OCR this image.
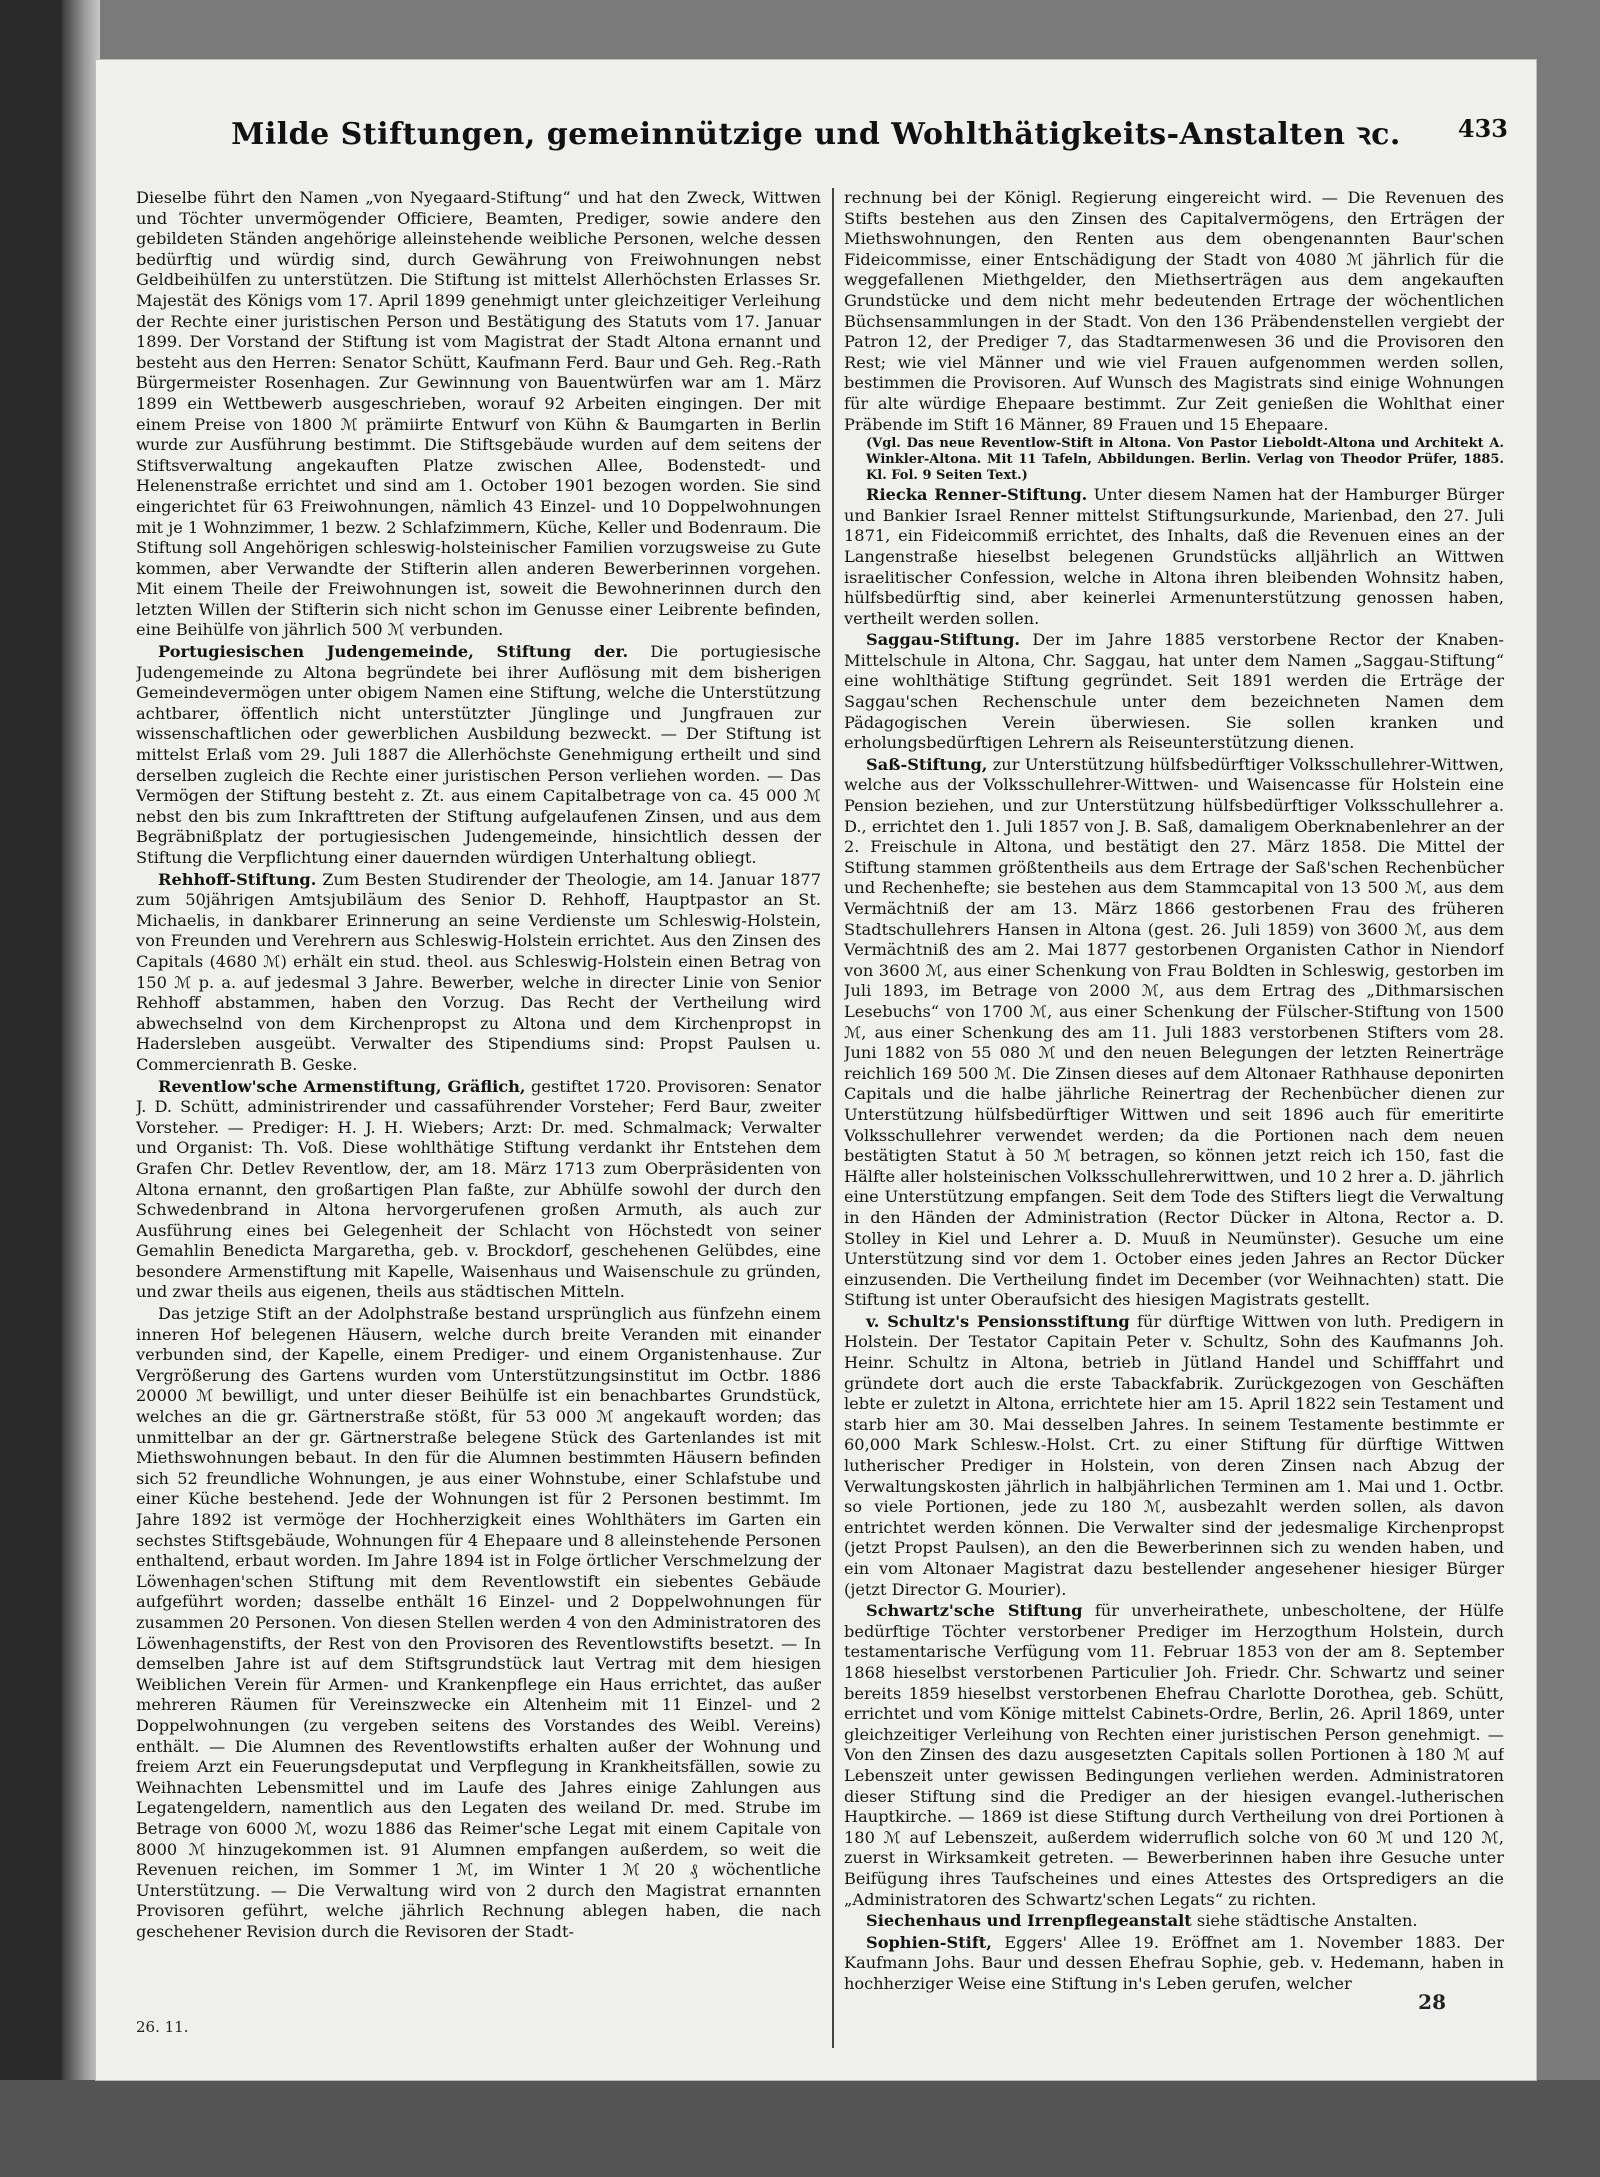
Milde Stiftungen, gemeinnützige und Wohlthätigkeits-Anstalten ꝛc.	433

Dieselbe führt den Namen „von Nyegaard-Stiftung“ und hat den Zweck, Wittwen und Töchter unvermögender Officiere, Beamten, Prediger, sowie andere den gebildeten Ständen angehörige alleinstehende weibliche Personen, welche dessen bedürftig und würdig sind, durch Gewährung von Freiwohnungen nebst Geldbeihülfen zu unterstützen. Die Stiftung ist mittelst Allerhöchsten Erlasses Sr. Majestät des Königs vom 17. April 1899 genehmigt unter gleichzeitiger Verleihung der Rechte einer juristischen Person und Bestätigung des Statuts vom 17. Januar 1899. Der Vorstand der Stiftung ist vom Magistrat der Stadt Altona ernannt und besteht aus den Herren: Senator Schütt, Kaufmann Ferd. Baur und Geh. Reg.-Rath Bürgermeister Rosenhagen. Zur Gewinnung von Bauentwürfen war am 1. März 1899 ein Wettbewerb ausgeschrieben, worauf 92 Arbeiten eingingen. Der mit einem Preise von 1800 ℳ prämiirte Entwurf von Kühn & Baumgarten in Berlin wurde zur Ausführung bestimmt. Die Stiftsgebäude wurden auf dem seitens der Stiftsverwaltung angekauften Platze zwischen Allee, Bodenstedt- und Helenenstraße errichtet und sind am 1. October 1901 bezogen worden. Sie sind eingerichtet für 63 Freiwohnungen, nämlich 43 Einzel- und 10 Doppelwohnungen mit je 1 Wohnzimmer, 1 bezw. 2 Schlafzimmern, Küche, Keller und Bodenraum. Die Stiftung soll Angehörigen schleswig-holsteinischer Familien vorzugsweise zu Gute kommen, aber Verwandte der Stifterin allen anderen Bewerberinnen vorgehen. Mit einem Theile der Freiwohnungen ist, soweit die Bewohnerinnen durch den letzten Willen der Stifterin sich nicht schon im Genusse einer Leibrente befinden, eine Beihülfe von jährlich 500 ℳ verbunden.

Portugiesischen Judengemeinde, Stiftung der. Die portugiesische Judengemeinde zu Altona begründete bei ihrer Auflösung mit dem bisherigen Gemeindevermögen unter obigem Namen eine Stiftung, welche die Unterstützung achtbarer, öffentlich nicht unterstützter Jünglinge und Jungfrauen zur wissenschaftlichen oder gewerblichen Ausbildung bezweckt. — Der Stiftung ist mittelst Erlaß vom 29. Juli 1887 die Allerhöchste Genehmigung ertheilt und sind derselben zugleich die Rechte einer juristischen Person verliehen worden. — Das Vermögen der Stiftung besteht z. Zt. aus einem Capitalbetrage von ca. 45 000 ℳ nebst den bis zum Inkrafttreten der Stiftung aufgelaufenen Zinsen, und aus dem Begräbnißplatz der portugiesischen Judengemeinde, hinsichtlich dessen der Stiftung die Verpflichtung einer dauernden würdigen Unterhaltung obliegt.

Rehhoff-Stiftung. Zum Besten Studirender der Theologie, am 14. Januar 1877 zum 50jährigen Amtsjubiläum des Senior D. Rehhoff, Hauptpastor an St. Michaelis, in dankbarer Erinnerung an seine Verdienste um Schleswig-Holstein, von Freunden und Verehrern aus Schleswig-Holstein errichtet. Aus den Zinsen des Capitals (4680 ℳ) erhält ein stud. theol. aus Schleswig-Holstein einen Betrag von 150 ℳ p. a. auf jedesmal 3 Jahre. Bewerber, welche in directer Linie von Senior Rehhoff abstammen, haben den Vorzug. Das Recht der Vertheilung wird abwechselnd von dem Kirchenpropst zu Altona und dem Kirchenpropst in Hadersleben ausgeübt. Verwalter des Stipendiums sind: Propst Paulsen u. Commercienrath B. Geske.

Reventlow'sche Armenstiftung, Gräflich, gestiftet 1720. Provisoren: Senator J. D. Schütt, administrirender und cassaführender Vorsteher; Ferd Baur, zweiter Vorsteher. — Prediger: H. J. H. Wiebers; Arzt: Dr. med. Schmalmack; Verwalter und Organist: Th. Voß. Diese wohlthätige Stiftung verdankt ihr Entstehen dem Grafen Chr. Detlev Reventlow, der, am 18. März 1713 zum Oberpräsidenten von Altona ernannt, den großartigen Plan faßte, zur Abhülfe sowohl der durch den Schwedenbrand in Altona hervorgerufenen großen Armuth, als auch zur Ausführung eines bei Gelegenheit der Schlacht von Höchstedt von seiner Gemahlin Benedicta Margaretha, geb. v. Brockdorf, geschehenen Gelübdes, eine besondere Armenstiftung mit Kapelle, Waisenhaus und Waisenschule zu gründen, und zwar theils aus eigenen, theils aus städtischen Mitteln.

Das jetzige Stift an der Adolphstraße bestand ursprünglich aus fünfzehn einem inneren Hof belegenen Häusern, welche durch breite Veranden mit einander verbunden sind, der Kapelle, einem Prediger- und einem Organistenhause. Zur Vergrößerung des Gartens wurden vom Unterstützungsinstitut im Octbr. 1886 20000 ℳ bewilligt, und unter dieser Beihülfe ist ein benachbartes Grundstück, welches an die gr. Gärtnerstraße stößt, für 53 000 ℳ angekauft worden; das unmittelbar an der gr. Gärtnerstraße belegene Stück des Gartenlandes ist mit Miethswohnungen bebaut. In den für die Alumnen bestimmten Häusern befinden sich 52 freundliche Wohnungen, je aus einer Wohnstube, einer Schlafstube und einer Küche bestehend. Jede der Wohnungen ist für 2 Personen bestimmt. Im Jahre 1892 ist vermöge der Hochherzigkeit eines Wohlthäters im Garten ein sechstes Stiftsgebäude, Wohnungen für 4 Ehepaare und 8 alleinstehende Personen enthaltend, erbaut worden. Im Jahre 1894 ist in Folge örtlicher Verschmelzung der Löwenhagen'schen Stiftung mit dem Reventlowstift ein siebentes Gebäude aufgeführt worden; dasselbe enthält 16 Einzel- und 2 Doppelwohnungen für zusammen 20 Personen. Von diesen Stellen werden 4 von den Administratoren des Löwenhagenstifts, der Rest von den Provisoren des Reventlowstifts besetzt. — In demselben Jahre ist auf dem Stiftsgrundstück laut Vertrag mit dem hiesigen Weiblichen Verein für Armen- und Krankenpflege ein Haus errichtet, das außer mehreren Räumen für Vereinszwecke ein Altenheim mit 11 Einzel- und 2 Doppelwohnungen (zu vergeben seitens des Vorstandes des Weibl. Vereins) enthält. — Die Alumnen des Reventlowstifts erhalten außer der Wohnung und freiem Arzt ein Feuerungsdeputat und Verpflegung in Krankheitsfällen, sowie zu Weihnachten Lebensmittel und im Laufe des Jahres einige Zahlungen aus Legatengeldern, namentlich aus den Legaten des weiland Dr. med. Strube im Betrage von 6000 ℳ, wozu 1886 das Reimer'sche Legat mit einem Capitale von 8000 ℳ hinzugekommen ist. 91 Alumnen empfangen außerdem, so weit die Revenuen reichen, im Sommer 1 ℳ, im Winter 1 ℳ 20 ₰ wöchentliche Unterstützung. — Die Verwaltung wird von 2 durch den Magistrat ernannten Provisoren geführt, welche jährlich Rechnung ablegen haben, die nach geschehener Revision durch die Revisoren der Stadt-

rechnung bei der Königl. Regierung eingereicht wird. — Die Revenuen des Stifts bestehen aus den Zinsen des Capitalvermögens, den Erträgen der Miethswohnungen, den Renten aus dem obengenannten Baur'schen Fideicommisse, einer Entschädigung der Stadt von 4080 ℳ jährlich für die weggefallenen Miethgelder, den Miethserträgen aus dem angekauften Grundstücke und dem nicht mehr bedeutenden Ertrage der wöchentlichen Büchsensammlungen in der Stadt. Von den 136 Präbendenstellen vergiebt der Patron 12, der Prediger 7, das Stadtarmenwesen 36 und die Provisoren den Rest; wie viel Männer und wie viel Frauen aufgenommen werden sollen, bestimmen die Provisoren. Auf Wunsch des Magistrats sind einige Wohnungen für alte würdige Ehepaare bestimmt. Zur Zeit genießen die Wohlthat einer Präbende im Stift 16 Männer, 89 Frauen und 15 Ehepaare.

(Vgl. Das neue Reventlow-Stift in Altona. Von Pastor Lieboldt-Altona und Architekt A. Winkler-Altona. Mit 11 Tafeln, Abbildungen. Berlin. Verlag von Theodor Prüfer, 1885. Kl. Fol. 9 Seiten Text.)

Riecka Renner-Stiftung. Unter diesem Namen hat der Hamburger Bürger und Bankier Israel Renner mittelst Stiftungsurkunde, Marienbad, den 27. Juli 1871, ein Fideicommiß errichtet, des Inhalts, daß die Revenuen eines an der Langenstraße hieselbst belegenen Grundstücks alljährlich an Wittwen israelitischer Confession, welche in Altona ihren bleibenden Wohnsitz haben, hülfsbedürftig sind, aber keinerlei Armenunterstützung genossen haben, vertheilt werden sollen.

Saggau-Stiftung. Der im Jahre 1885 verstorbene Rector der Knaben-Mittelschule in Altona, Chr. Saggau, hat unter dem Namen „Saggau-Stiftung“ eine wohlthätige Stiftung gegründet. Seit 1891 werden die Erträge der Saggau'schen Rechenschule unter dem bezeichneten Namen dem Pädagogischen Verein überwiesen. Sie sollen kranken und erholungsbedürftigen Lehrern als Reiseunterstützung dienen.

Saß-Stiftung, zur Unterstützung hülfsbedürftiger Volksschullehrer-Wittwen, welche aus der Volksschullehrer-Wittwen- und Waisencasse für Holstein eine Pension beziehen, und zur Unterstützung hülfsbedürftiger Volksschullehrer a. D., errichtet den 1. Juli 1857 von J. B. Saß, damaligem Oberknabenlehrer an der 2. Freischule in Altona, und bestätigt den 27. März 1858. Die Mittel der Stiftung stammen größtentheils aus dem Ertrage der Saß'schen Rechenbücher und Rechenhefte; sie bestehen aus dem Stammcapital von 13 500 ℳ, aus dem Vermächtniß der am 13. März 1866 gestorbenen Frau des früheren Stadtschullehrers Hansen in Altona (gest. 26. Juli 1859) von 3600 ℳ, aus dem Vermächtniß des am 2. Mai 1877 gestorbenen Organisten Cathor in Niendorf von 3600 ℳ, aus einer Schenkung von Frau Boldten in Schleswig, gestorben im Juli 1893, im Betrage von 2000 ℳ, aus dem Ertrag des „Dithmarsischen Lesebuchs“ von 1700 ℳ, aus einer Schenkung der Fülscher-Stiftung von 1500 ℳ, aus einer Schenkung des am 11. Juli 1883 verstorbenen Stifters vom 28. Juni 1882 von 55 080 ℳ und den neuen Belegungen der letzten Reinerträge reichlich 169 500 ℳ. Die Zinsen dieses auf dem Altonaer Rathhause deponirten Capitals und die halbe jährliche Reinertrag der Rechenbücher dienen zur Unterstützung hülfsbedürftiger Wittwen und seit 1896 auch für emeritirte Volksschullehrer verwendet werden; da die Portionen nach dem neuen bestätigten Statut à 50 ℳ betragen, so können jetzt reich ich 150, fast die Hälfte aller holsteinischen Volksschullehrerwittwen, und 10 2 hrer a. D. jährlich eine Unterstützung empfangen. Seit dem Tode des Stifters liegt die Verwaltung in den Händen der Administration (Rector Dücker in Altona, Rector a. D. Stolley in Kiel und Lehrer a. D. Muuß in Neumünster). Gesuche um eine Unterstützung sind vor dem 1. October eines jeden Jahres an Rector Dücker einzusenden. Die Vertheilung findet im December (vor Weihnachten) statt. Die Stiftung ist unter Oberaufsicht des hiesigen Magistrats gestellt.

v. Schultz's Pensionsstiftung für dürftige Wittwen von luth. Predigern in Holstein. Der Testator Capitain Peter v. Schultz, Sohn des Kaufmanns Joh. Heinr. Schultz in Altona, betrieb in Jütland Handel und Schifffahrt und gründete dort auch die erste Tabackfabrik. Zurückgezogen von Geschäften lebte er zuletzt in Altona, errichtete hier am 15. April 1822 sein Testament und starb hier am 30. Mai desselben Jahres. In seinem Testamente bestimmte er 60,000 Mark Schlesw.-Holst. Crt. zu einer Stiftung für dürftige Wittwen lutherischer Prediger in Holstein, von deren Zinsen nach Abzug der Verwaltungskosten jährlich in halbjährlichen Terminen am 1. Mai und 1. Octbr. so viele Portionen, jede zu 180 ℳ, ausbezahlt werden sollen, als davon entrichtet werden können. Die Verwalter sind der jedesmalige Kirchenpropst (jetzt Propst Paulsen), an den die Bewerberinnen sich zu wenden haben, und ein vom Altonaer Magistrat dazu bestellender angesehener hiesiger Bürger (jetzt Director G. Mourier).

Schwartz'sche Stiftung für unverheirathete, unbescholtene, der Hülfe bedürftige Töchter verstorbener Prediger im Herzogthum Holstein, durch testamentarische Verfügung vom 11. Februar 1853 von der am 8. September 1868 hieselbst verstorbenen Particulier Joh. Friedr. Chr. Schwartz und seiner bereits 1859 hieselbst verstorbenen Ehefrau Charlotte Dorothea, geb. Schütt, errichtet und vom Könige mittelst Cabinets-Ordre, Berlin, 26. April 1869, unter gleichzeitiger Verleihung von Rechten einer juristischen Person genehmigt. — Von den Zinsen des dazu ausgesetzten Capitals sollen Portionen à 180 ℳ auf Lebenszeit unter gewissen Bedingungen verliehen werden. Administratoren dieser Stiftung sind die Prediger an der hiesigen evangel.-lutherischen Hauptkirche. — 1869 ist diese Stiftung durch Vertheilung von drei Portionen à 180 ℳ auf Lebenszeit, außerdem widerruflich solche von 60 ℳ und 120 ℳ, zuerst in Wirksamkeit getreten. — Bewerberinnen haben ihre Gesuche unter Beifügung ihres Taufscheines und eines Attestes des Ortspredigers an die „Administratoren des Schwartz'schen Legats“ zu richten.

Siechenhaus und Irrenpflegeanstalt siehe städtische Anstalten.

Sophien-Stift, Eggers' Allee 19. Eröffnet am 1. November 1883. Der Kaufmann Johs. Baur und dessen Ehefrau Sophie, geb. v. Hedemann, haben in hochherziger Weise eine Stiftung in's Leben gerufen, welcher

26. 11.
28
